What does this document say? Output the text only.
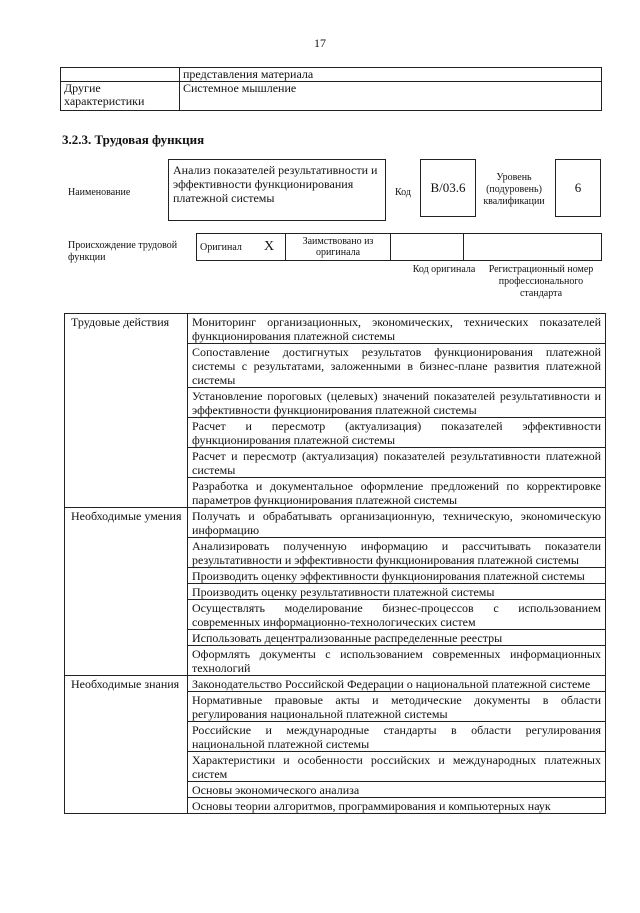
17
	представления материала
Другие характеристики	Системное мышление
3.2.3. Трудовая функция
Наименование
Анализ показателей результативности и эффективности функционирования платежной системы	Код	B/03.6
Уровень (подуровень) квалификации
6
Происхождение трудовой функции
Оригинал	X	Заимствовано из оригинала		
Код оригинала	Регистрационный номер профессионального стандарта
Трудовые действия	Мониторинг организационных, экономических, технических показателей функционирования платежной системы
	Сопоставление достигнутых результатов функционирования платежной системы с результатами, заложенными в бизнес-плане развития платежной системы
	Установление пороговых (целевых) значений показателей результативности и эффективности функционирования платежной системы
	Расчет и пересмотр (актуализация) показателей эффективности функционирования платежной системы
	Расчет и пересмотр (актуализация) показателей результативности платежной системы
	Разработка и документальное оформление предложений по корректировке параметров функционирования платежной системы
Необходимые умения	Получать и обрабатывать организационную, техническую, экономическую информацию
	Анализировать полученную информацию и рассчитывать показатели результативности и эффективности функционирования платежной системы
	Производить оценку эффективности функционирования платежной системы
	Производить оценку результативности платежной системы
	Осуществлять моделирование бизнес-процессов с использованием современных информационно-технологических систем
	Использовать децентрализованные распределенные реестры
	Оформлять документы с использованием современных информационных технологий
Необходимые знания	Законодательство Российской Федерации о национальной платежной системе
	Нормативные правовые акты и методические документы в области регулирования национальной платежной системы
	Российские и международные стандарты в области регулирования национальной платежной системы
	Характеристики и особенности российских и международных платежных систем
	Основы экономического анализа
	Основы теории алгоритмов, программирования и компьютерных наук
